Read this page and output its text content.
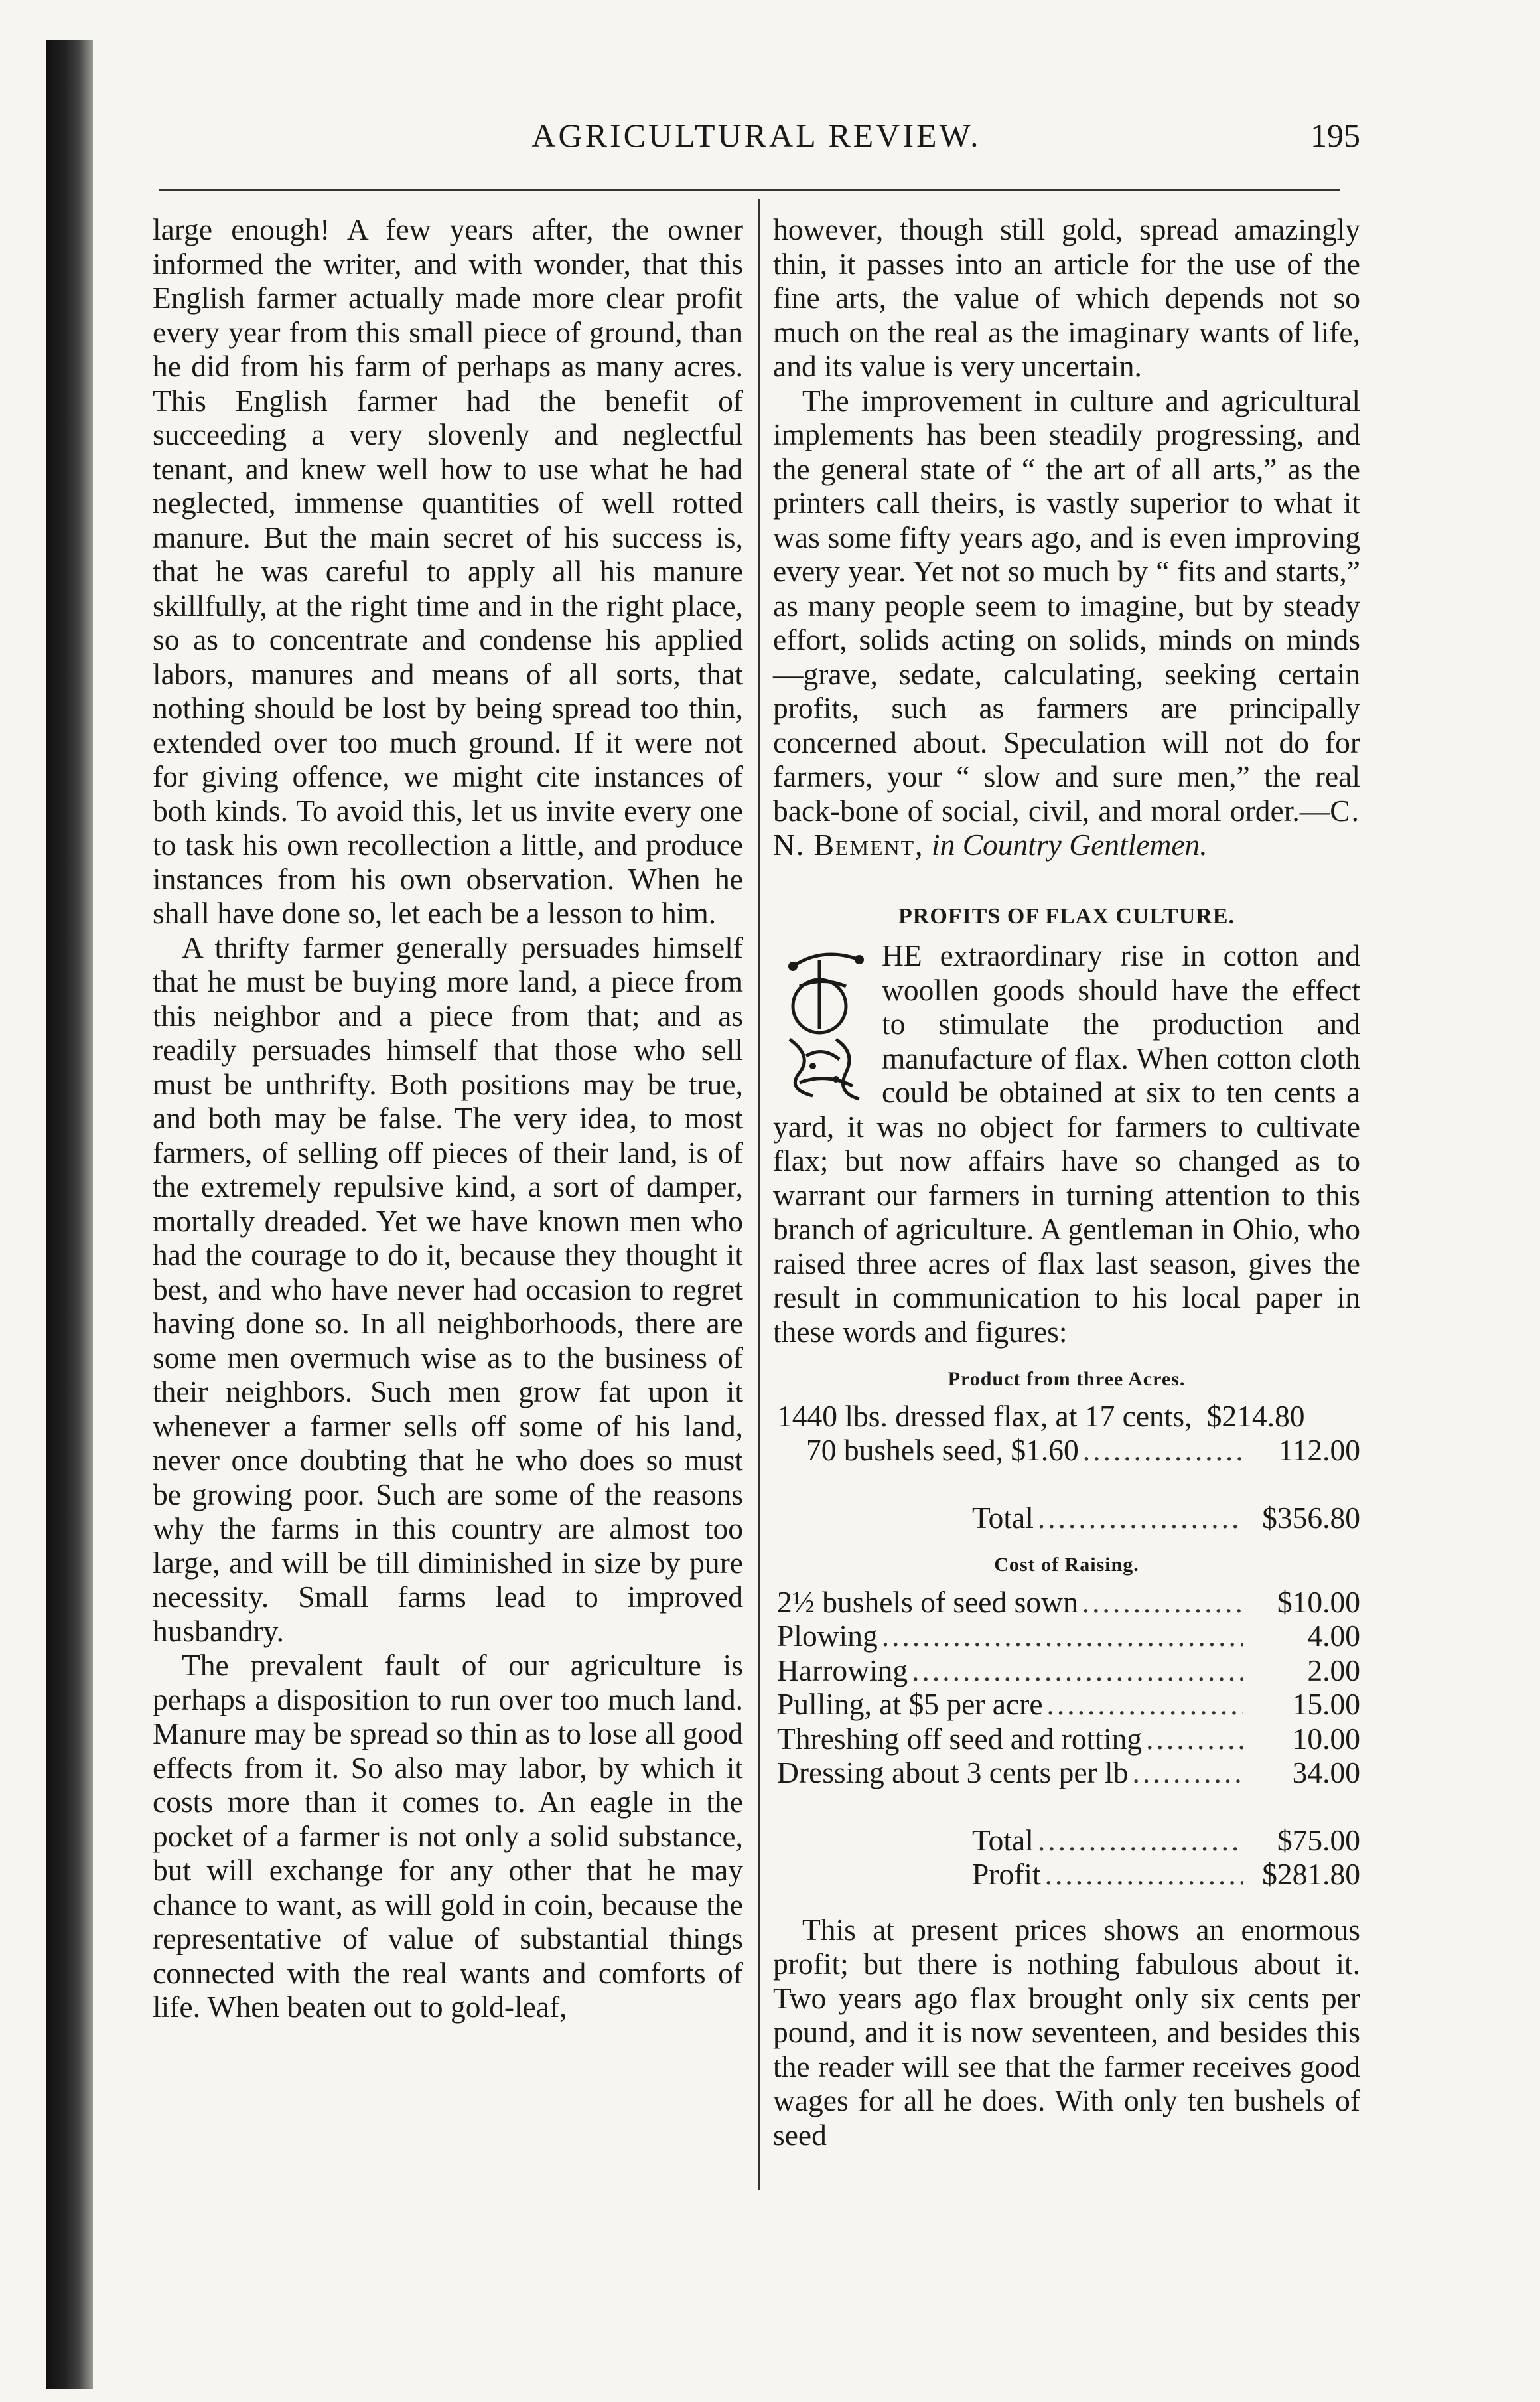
AGRICULTURAL REVIEW.	195

large enough! A few years after, the owner informed the writer, and with wonder, that this English farmer actually made more clear profit every year from this small piece of ground, than he did from his farm of perhaps as many acres. This English farmer had the benefit of succeeding a very slovenly and neglectful tenant, and knew well how to use what he had neglected, immense quantities of well rotted manure. But the main secret of his success is, that he was careful to apply all his manure skillfully, at the right time and in the right place, so as to concentrate and condense his applied labors, manures and means of all sorts, that nothing should be lost by being spread too thin, extended over too much ground. If it were not for giving offence, we might cite instances of both kinds. To avoid this, let us invite every one to task his own recollection a little, and produce instances from his own observation. When he shall have done so, let each be a lesson to him.

A thrifty farmer generally persuades himself that he must be buying more land, a piece from this neighbor and a piece from that; and as readily persuades himself that those who sell must be unthrifty. Both positions may be true, and both may be false. The very idea, to most farmers, of selling off pieces of their land, is of the extremely repulsive kind, a sort of damper, mortally dreaded. Yet we have known men who had the courage to do it, because they thought it best, and who have never had occasion to regret having done so. In all neighborhoods, there are some men overmuch wise as to the business of their neighbors. Such men grow fat upon it whenever a farmer sells off some of his land, never once doubting that he who does so must be growing poor. Such are some of the reasons why the farms in this country are almost too large, and will be till diminished in size by pure necessity. Small farms lead to improved husbandry.

The prevalent fault of our agriculture is perhaps a disposition to run over too much land. Manure may be spread so thin as to lose all good effects from it. So also may labor, by which it costs more than it comes to. An eagle in the pocket of a farmer is not only a solid substance, but will exchange for any other that he may chance to want, as will gold in coin, because the representative of value of substantial things connected with the real wants and comforts of life. When beaten out to gold-leaf,

however, though still gold, spread amazingly thin, it passes into an article for the use of the fine arts, the value of which depends not so much on the real as the imaginary wants of life, and its value is very uncertain.

The improvement in culture and agricultural implements has been steadily progressing, and the general state of “ the art of all arts,” as the printers call theirs, is vastly superior to what it was some fifty years ago, and is even improving every year. Yet not so much by “ fits and starts,” as many people seem to imagine, but by steady effort, solids acting on solids, minds on minds—grave, sedate, calculating, seeking certain profits, such as farmers are principally concerned about. Speculation will not do for farmers, your “ slow and sure men,” the real back-bone of social, civil, and moral order.—C. N. Bement, in Country Gentlemen.

PROFITS OF FLAX CULTURE.

HE extraordinary rise in cotton and woollen goods should have the effect to stimulate the production and manufacture of flax. When cotton cloth could be obtained at six to ten cents a yard, it was no object for farmers to cultivate flax; but now affairs have so changed as to warrant our farmers in turning attention to this branch of agriculture. A gentleman in Ohio, who raised three acres of flax last season, gives the result in communication to his local paper in these words and figures:

Product from three Acres.
1440 lbs. dressed flax, at 17 cents, $214.80
70 bushels seed, $1.60 .....	112.00
Total .....	$356.80
Cost of Raising.
2½ bushels of seed sown .....	$10.00
Plowing .....	4.00
Harrowing .....	2.00
Pulling, at $5 per acre .....	15.00
Threshing off seed and rotting .....	10.00
Dressing about 3 cents per lb .....	34.00
Total .....	$75.00
Profit .....	$281.80

This at present prices shows an enormous profit; but there is nothing fabulous about it. Two years ago flax brought only six cents per pound, and it is now seventeen, and besides this the reader will see that the farmer receives good wages for all he does. With only ten bushels of seed
